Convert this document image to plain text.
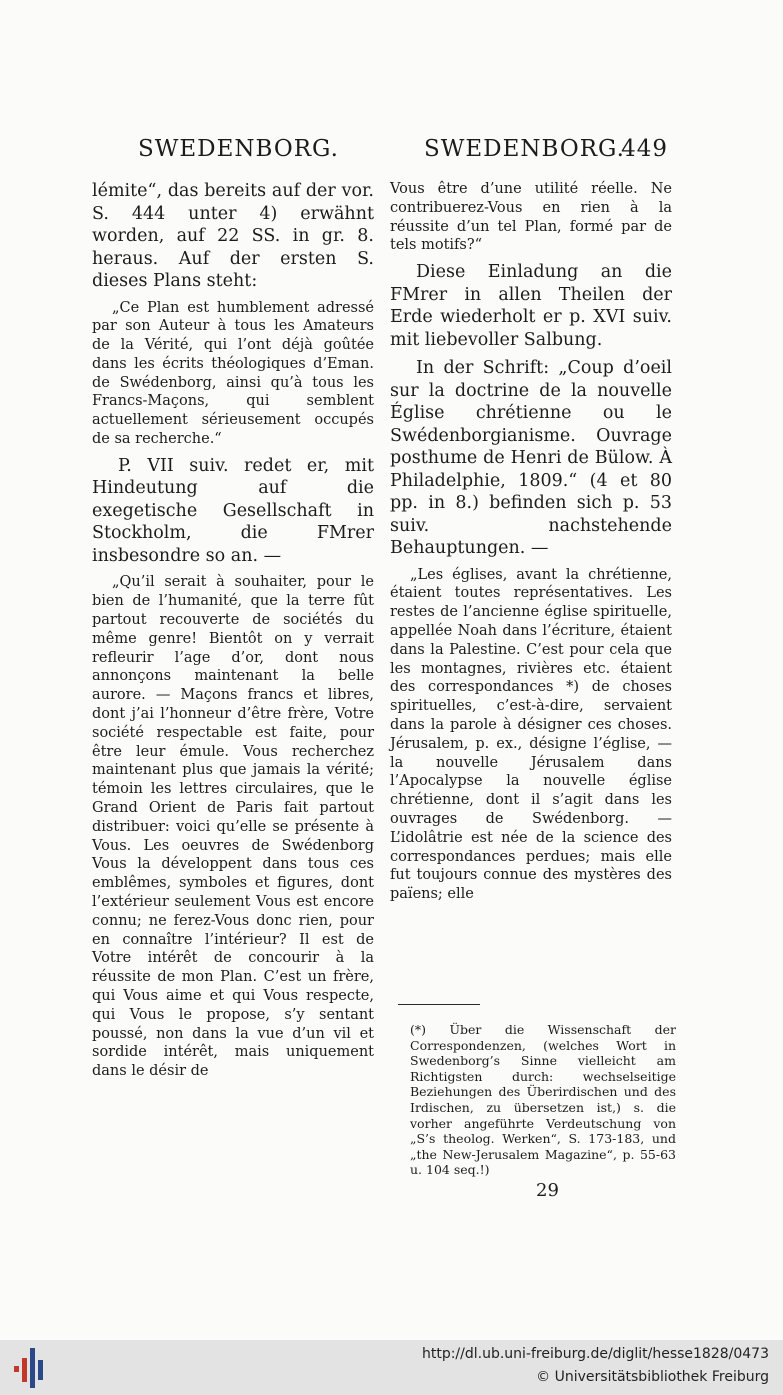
SWEDENBORG.	SWEDENBORG.
449

lémite“, das bereits auf der vor. S. 444 unter 4) erwähnt worden, auf 22 SS. in gr. 8. heraus. Auf der ersten S. dieses Plans steht:

„Ce Plan est humblement adressé par son Auteur à tous les Amateurs de la Vérité, qui l’ont déjà goûtée dans les écrits théologiques d’Eman. de Swédenborg, ainsi qu’à tous les Francs-Maçons, qui semblent actuellement sérieusement occupés de sa recherche.“

P. VII suiv. redet er, mit Hindeutung auf die exegetische Gesellschaft in Stockholm, die FMrer insbesondre so an. —

„Qu’il serait à souhaiter, pour le bien de l’humanité, que la terre fût partout recouverte de sociétés du même genre! Bientôt on y verrait refleurir l’age d’or, dont nous annonçons maintenant la belle aurore. — Maçons francs et libres, dont j’ai l’honneur d’être frère, Votre société respectable est faite, pour être leur émule. Vous recherchez maintenant plus que jamais la vérité; témoin les lettres circulaires, que le Grand Orient de Paris fait partout distribuer: voici qu’elle se présente à Vous. Les oeuvres de Swédenborg Vous la développent dans tous ces emblêmes, symboles et figures, dont l’extérieur seulement Vous est encore connu; ne ferez-Vous donc rien, pour en connaître l’intérieur? Il est de Votre intérêt de concourir à la réussite de mon Plan. C’est un frère, qui Vous aime et qui Vous respecte, qui Vous le propose, s’y sentant poussé, non dans la vue d’un vil et sordide intérêt, mais uniquement dans le désir de

Vous être d’une utilité réelle. Ne contribuerez-Vous en rien à la réussite d’un tel Plan, formé par de tels motifs?“

Diese Einladung an die FMrer in allen Theilen der Erde wiederholt er p. XVI suiv. mit liebevoller Salbung.

In der Schrift: „Coup d’oeil sur la doctrine de la nouvelle Église chrétienne ou le Swédenborgianisme. Ouvrage posthume de Henri de Bülow. À Philadelphie, 1809.“ (4 et 80 pp. in 8.) befinden sich p. 53 suiv. nachstehende Behauptungen. —

„Les églises, avant la chrétienne, étaient toutes représentatives. Les restes de l’ancienne église spirituelle, appellée Noah dans l’écriture, étaient dans la Palestine. C’est pour cela que les montagnes, rivières etc. étaient des correspondances *) de choses spirituelles, c’est-à-dire, servaient dans la parole à désigner ces choses. Jérusalem, p. ex., désigne l’église, — la nouvelle Jérusalem dans l’Apocalypse la nouvelle église chrétienne, dont il s’agit dans les ouvrages de Swédenborg. — L’idolâtrie est née de la science des correspondances perdues; mais elle fut toujours connue des mystères des païens; elle

(*) Über die Wissenschaft der Correspondenzen, (welches Wort in Swedenborg’s Sinne vielleicht am Richtigsten durch: wechselseitige Beziehungen des Überirdischen und des Irdischen, zu übersetzen ist,) s. die vorher angeführte Verdeutschung von „S’s theolog. Werken“, S. 173-183, und „the New-Jerusalem Magazine“, p. 55-63 u. 104 seq.!)
29
http://dl.ub.uni-freiburg.de/diglit/hesse1828/0473
© Universitätsbibliothek Freiburg
